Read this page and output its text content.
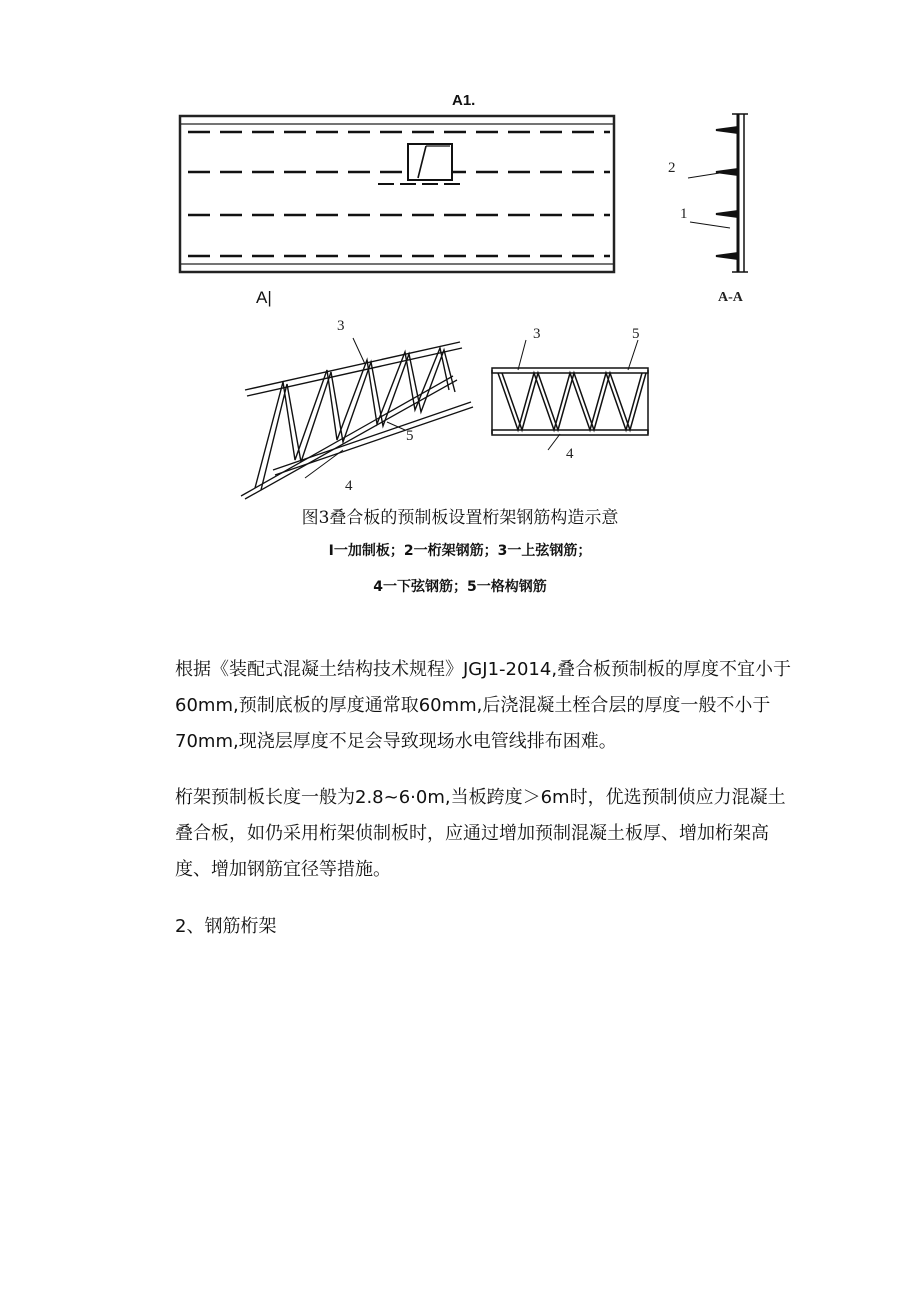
A1.
A|
2
1
A-A
3
5
4
3	5
4
图3叠合板的预制板设置桁架钢筋构造示意
I一加制板；2一桁架钢筋；3一上弦钢筋；
4一下弦钢筋；5一格构钢筋
根据《装配式混凝土结构技术规程》JGJ1-2014,叠合板预制板的厚度不宜小于60mm,预制底板的厚度通常取60mm,后浇混凝土桎合层的厚度一般不小于70mm,现浇层厚度不足会导致现场水电管线排布困难。
桁架预制板长度一般为2.8~6·0m,当板跨度＞6m时，优选预制侦应力混凝土叠合板，如仍采用桁架侦制板时，应通过增加预制混凝土板厚、增加桁架高度、增加钢筋宜径等措施。
2、钢筋桁架
